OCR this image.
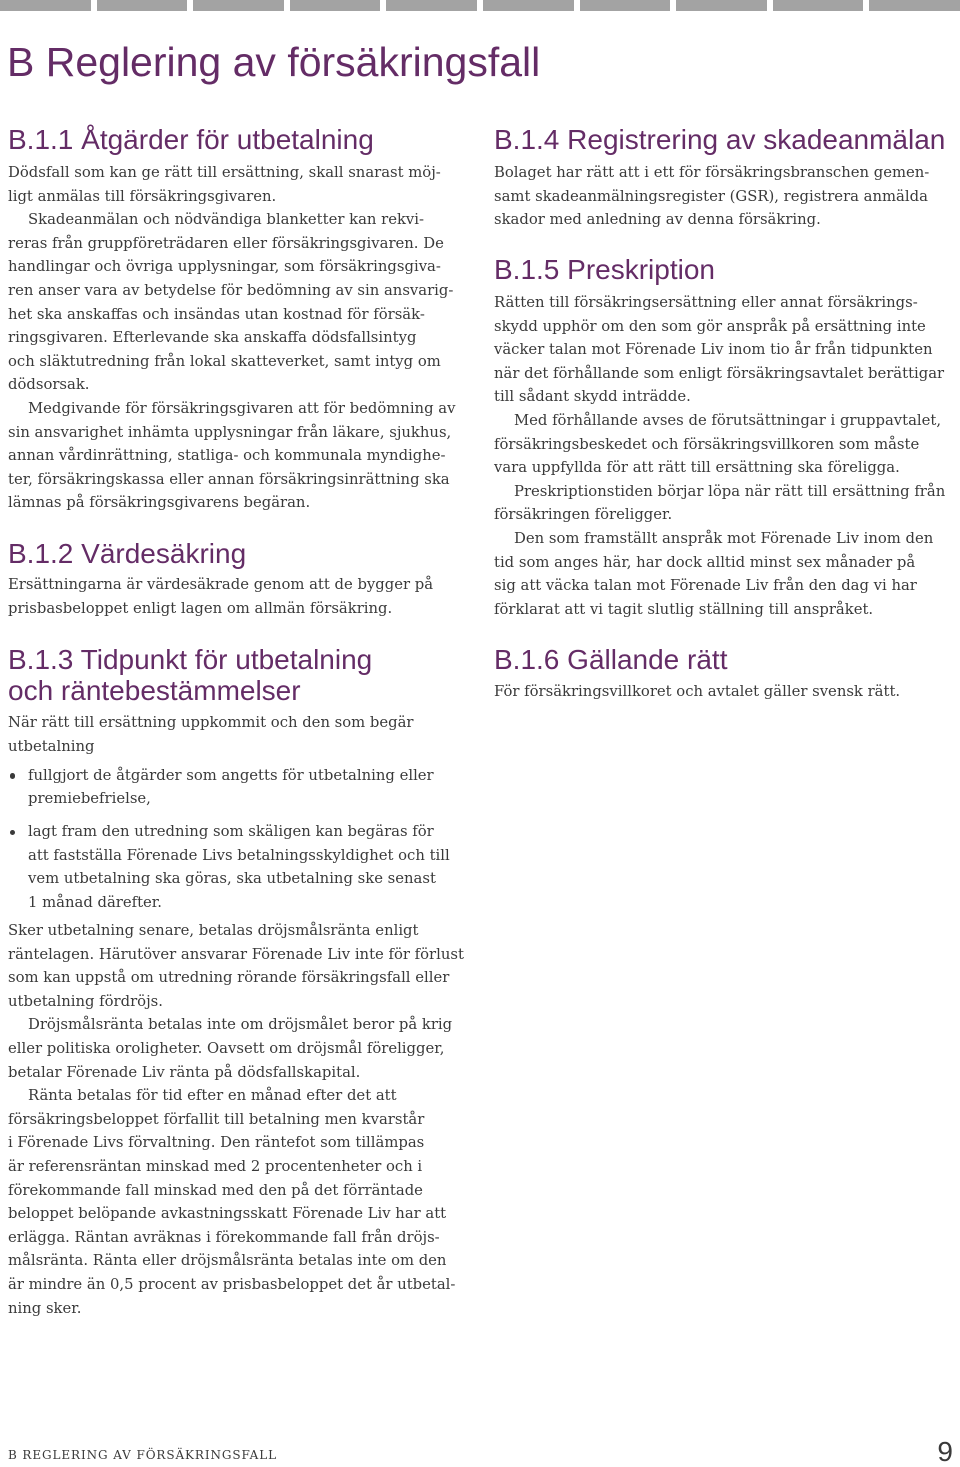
B Reglering av försäkringsfall
B.1.1 Åtgärder för utbetalning
Dödsfall som kan ge rätt till ersättning, skall snarast möj-
ligt anmälas till försäkringsgivaren.
Skadeanmälan och nödvändiga blanketter kan rekvi-
reras från gruppföreträdaren eller försäkringsgivaren. De
handlingar och övriga upplysningar, som försäkringsgiva-
ren anser vara av betydelse för bedömning av sin ansvarig-
het ska anskaffas och insändas utan kostnad för försäk-
ringsgivaren. Efterlevande ska anskaffa dödsfallsintyg
och släktutredning från lokal skatteverket, samt intyg om
dödsorsak.
Medgivande för försäkringsgivaren att för bedömning av
sin ansvarighet inhämta upplysningar från läkare, sjukhus,
annan vårdinrättning, statliga- och kommunala myndighe-
ter, försäkringskassa eller annan försäkringsinrättning ska
lämnas på försäkringsgivarens begäran.
B.1.2 Värdesäkring
Ersättningarna är värdesäkrade genom att de bygger på
prisbasbeloppet enligt lagen om allmän försäkring.
B.1.3 Tidpunkt för utbetalning
och räntebestämmelser
När rätt till ersättning uppkommit och den som begär
utbetalning
fullgjort de åtgärder som angetts för utbetalning eller
premiebefrielse,
lagt fram den utredning som skäligen kan begäras för
att fastställa Förenade Livs betalningsskyldighet och till
vem utbetalning ska göras, ska utbetalning ske senast
1 månad därefter.
Sker utbetalning senare, betalas dröjsmålsränta enligt
räntelagen. Härutöver ansvarar Förenade Liv inte för förlust
som kan uppstå om utredning rörande försäkringsfall eller
utbetalning fördröjs.
Dröjsmålsränta betalas inte om dröjsmålet beror på krig
eller politiska oroligheter. Oavsett om dröjsmål föreligger,
betalar Förenade Liv ränta på dödsfallskapital.
Ränta betalas för tid efter en månad efter det att
försäkringsbeloppet förfallit till betalning men kvarstår
i Förenade Livs förvaltning. Den räntefot som tillämpas
är referensräntan minskad med 2 procentenheter och i
förekommande fall minskad med den på det förräntade
beloppet belöpande avkastningsskatt Förenade Liv har att
erlägga. Räntan avräknas i förekommande fall från dröjs-
målsränta. Ränta eller dröjsmålsränta betalas inte om den
är mindre än 0,5 procent av prisbasbeloppet det år utbetal-
ning sker.
B.1.4 Registrering av skadeanmälan
Bolaget har rätt att i ett för försäkringsbranschen gemen-
samt skadeanmälningsregister (GSR), registrera anmälda
skador med anledning av denna försäkring.
B.1.5 Preskription
Rätten till försäkringsersättning eller annat försäkrings-
skydd upphör om den som gör anspråk på ersättning inte
väcker talan mot Förenade Liv inom tio år från tidpunkten
när det förhållande som enligt försäkringsavtalet berättigar
till sådant skydd inträdde.
Med förhållande avses de förutsättningar i gruppavtalet,
försäkringsbeskedet och försäkringsvillkoren som måste
vara uppfyllda för att rätt till ersättning ska föreligga.
Preskriptionstiden börjar löpa när rätt till ersättning från
försäkringen föreligger.
Den som framställt anspråk mot Förenade Liv inom den
tid som anges här, har dock alltid minst sex månader på
sig att väcka talan mot Förenade Liv från den dag vi har
förklarat att vi tagit slutlig ställning till anspråket.
B.1.6 Gällande rätt
För försäkringsvillkoret och avtalet gäller svensk rätt.
B REGLERING AV FÖRSÄKRINGSFALL	9
